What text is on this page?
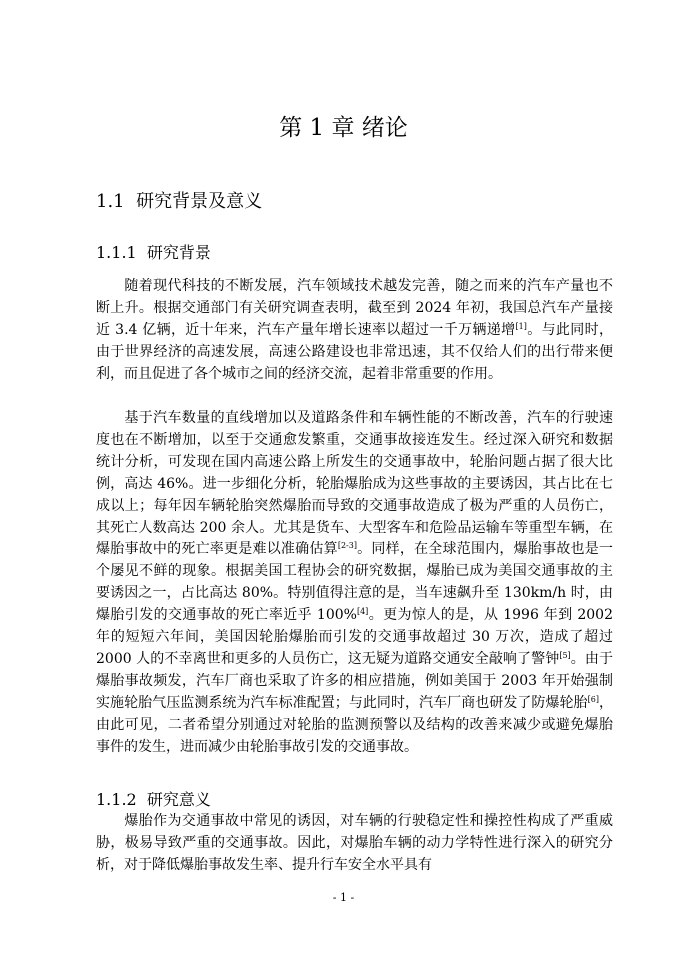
第 1 章 绪论
1.1 研究背景及意义
1.1.1 研究背景

随着现代科技的不断发展，汽车领域技术越发完善，随之而来的汽车产量也不断上升。根据交通部门有关研究调查表明，截至到 2024 年初，我国总汽车产量接近 3.4 亿辆，近十年来，汽车产量年增长速率以超过一千万辆递增[1]。与此同时，由于世界经济的高速发展，高速公路建设也非常迅速，其不仅给人们的出行带来便利，而且促进了各个城市之间的经济交流，起着非常重要的作用。

基于汽车数量的直线增加以及道路条件和车辆性能的不断改善，汽车的行驶速度也在不断增加，以至于交通愈发繁重，交通事故接连发生。经过深入研究和数据统计分析，可发现在国内高速公路上所发生的交通事故中，轮胎问题占据了很大比例，高达 46%。进一步细化分析，轮胎爆胎成为这些事故的主要诱因，其占比在七成以上；每年因车辆轮胎突然爆胎而导致的交通事故造成了极为严重的人员伤亡，其死亡人数高达 200 余人。尤其是货车、大型客车和危险品运输车等重型车辆，在爆胎事故中的死亡率更是难以准确估算[2-3]。同样，在全球范围内，爆胎事故也是一个屡见不鲜的现象。根据美国工程协会的研究数据，爆胎已成为美国交通事故的主要诱因之一，占比高达 80%。特别值得注意的是，当车速飙升至 130km/h 时，由爆胎引发的交通事故的死亡率近乎 100%[4]。更为惊人的是，从 1996 年到 2002 年的短短六年间，美国因轮胎爆胎而引发的交通事故超过 30 万次，造成了超过 2000 人的不幸离世和更多的人员伤亡，这无疑为道路交通安全敲响了警钟[5]。由于爆胎事故频发，汽车厂商也采取了许多的相应措施，例如美国于 2003 年开始强制实施轮胎气压监测系统为汽车标准配置；与此同时，汽车厂商也研发了防爆轮胎[6]，由此可见，二者希望分别通过对轮胎的监测预警以及结构的改善来减少或避免爆胎事件的发生，进而减少由轮胎事故引发的交通事故。

1.1.2 研究意义

爆胎作为交通事故中常见的诱因，对车辆的行驶稳定性和操控性构成了严重威胁，极易导致严重的交通事故。因此，对爆胎车辆的动力学特性进行深入的研究分析，对于降低爆胎事故发生率、提升行车安全水平具有

- 1 -
